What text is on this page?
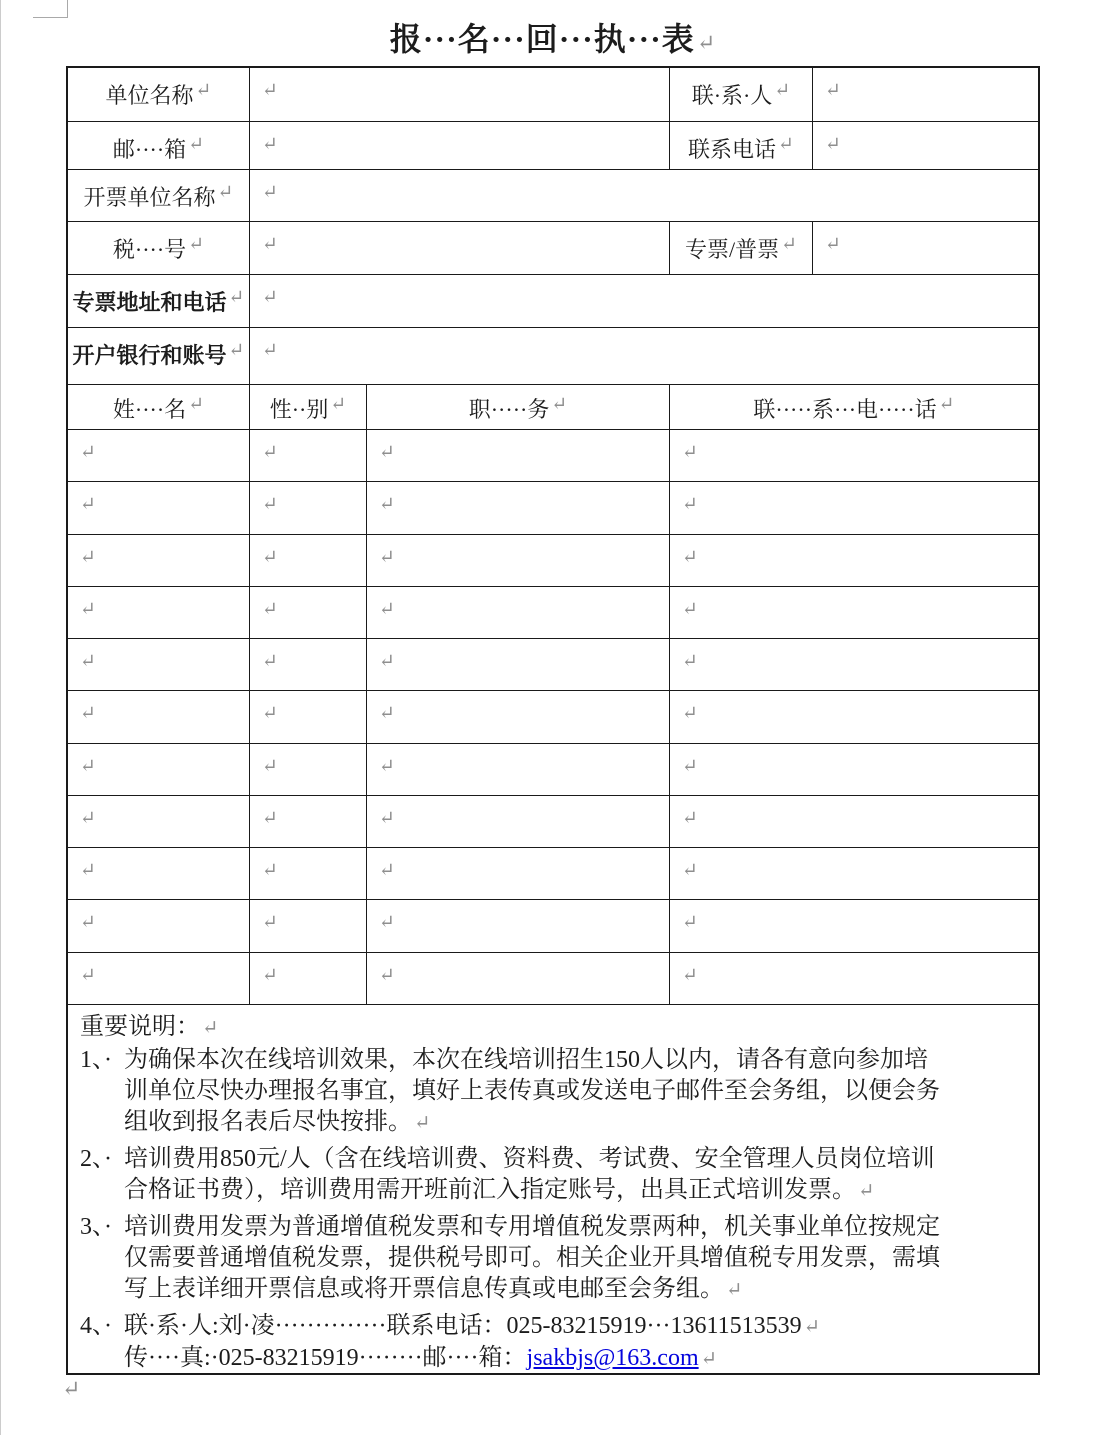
报···名···回···执···表↵
单位名称 ↵	↵	联·系·人 ↵	↵
邮····箱 ↵	↵	联系电话 ↵	↵
开票单位名称 ↵	↵
税····号 ↵	↵	专票/普票 ↵	↵
专票地址和电话 ↵ ↵
开户银行和账号 ↵ ↵
姓····名 ↵	性··别 ↵	职·····务 ↵	联·····系···电·····话 ↵
↵	↵	↵	↵
↵	↵	↵	↵
↵	↵	↵	↵
↵	↵	↵	↵
↵	↵	↵	↵
↵	↵	↵	↵
↵	↵	↵	↵
↵	↵	↵	↵
↵	↵	↵	↵
↵	↵	↵	↵
↵	↵	↵	↵
重要说明： ↵
1、· 为确保本次在线培训效果，本次在线培训招生150人以内，请各有意向参加培
训单位尽快办理报名事宜，填好上表传真或发送电子邮件至会务组，以便会务
组收到报名表后尽快按排。 ↵
2、· 培训费用850元/人（含在线培训费、资料费、考试费、安全管理人员岗位培训
合格证书费），培训费用需开班前汇入指定账号，出具正式培训发票。 ↵
3、· 培训费用发票为普通增值税发票和专用增值税发票两种，机关事业单位按规定
仅需要普通增值税发票，提供税号即可。相关企业开具增值税专用发票，需填
写上表详细开票信息或将开票信息传真或电邮至会务组。 ↵
4、· 联·系·人:刘·凌··············联系电话：025-83215919···13611513539 ↵
传····真:·025-83215919········邮····箱：jsakbjs@163.com ↵
↵
